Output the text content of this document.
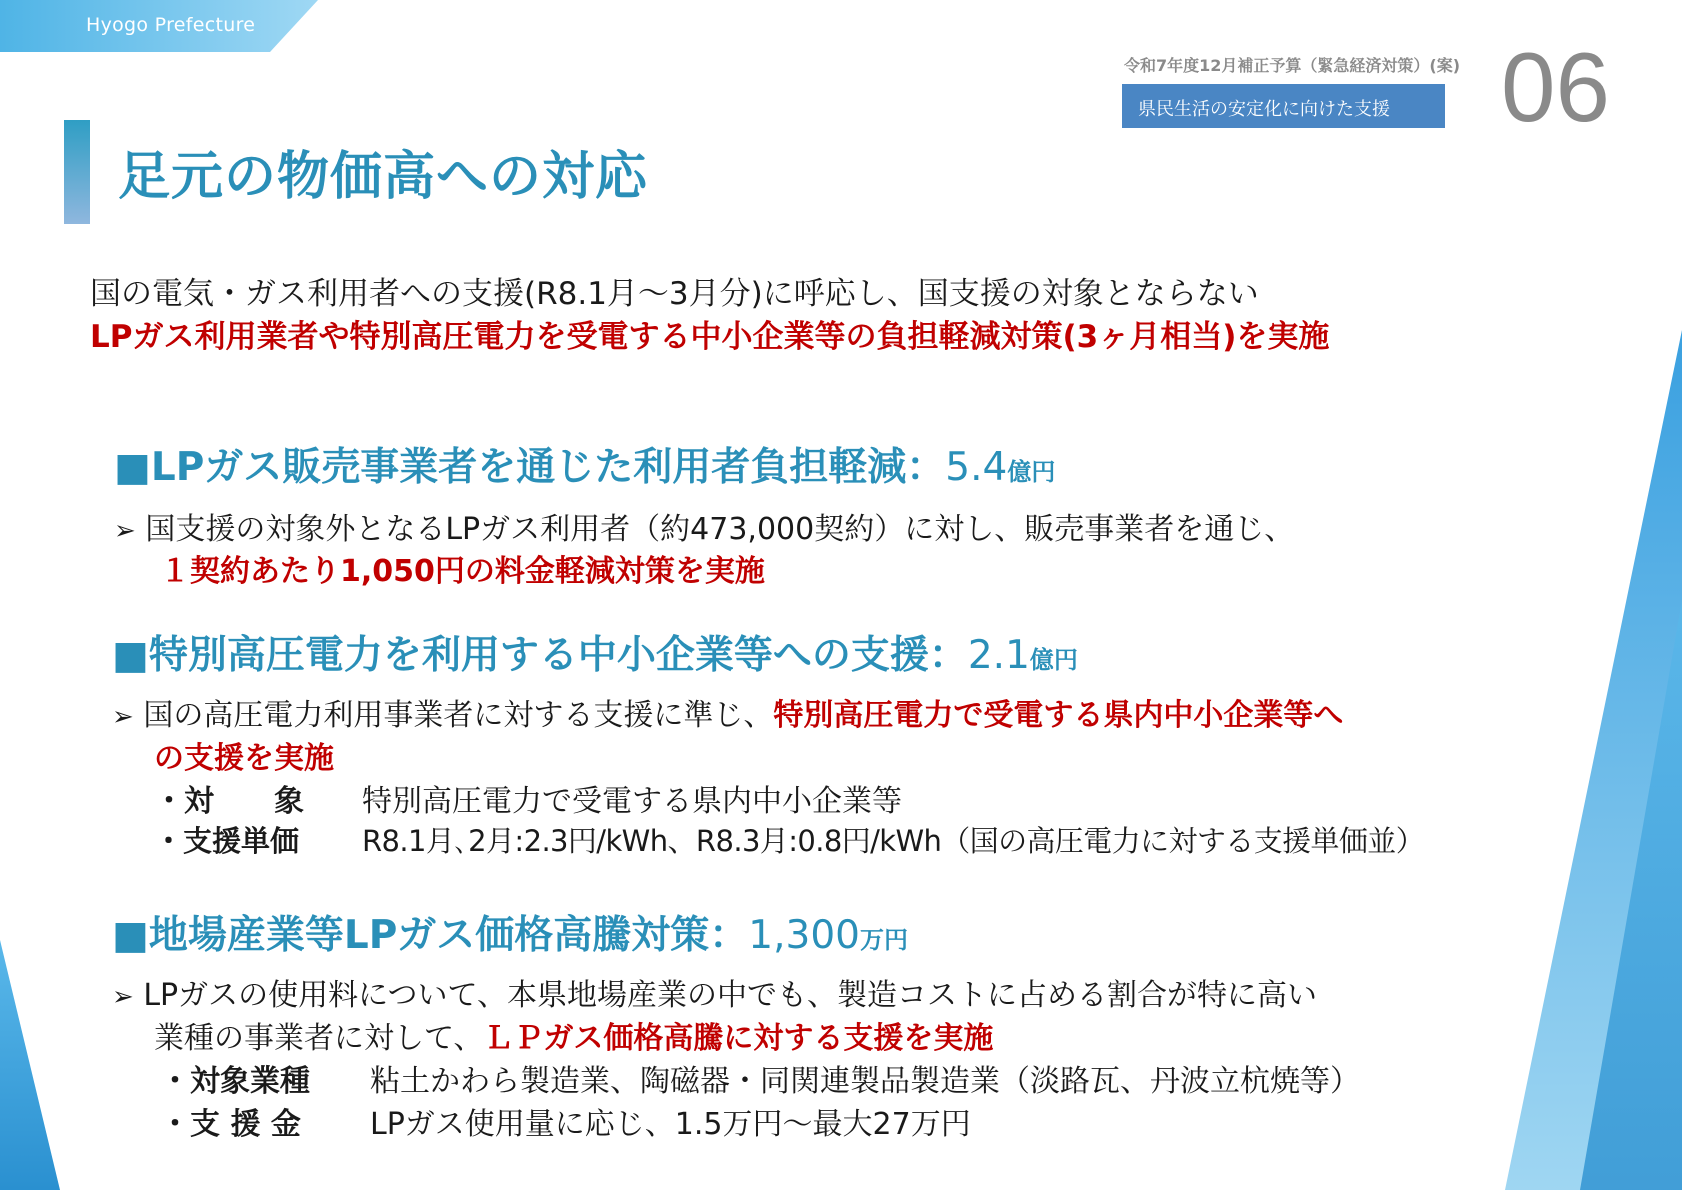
Hyogo Prefecture
令和7年度12月補正予算（緊急経済対策）(案)
県民生活の安定化に向けた支援 06
足元の物価高への対応
国の電気・ガス利用者への支援(R8.1月～3月分)に呼応し、国支援の対象とならない
LPガス利用業者や特別高圧電力を受電する中小企業等の負担軽減対策(3ヶ月相当)を実施
■LPガス販売事業者を通じた利用者負担軽減：5.4億円
➢ 国支援の対象外となるLPガス利用者（約473,000契約）に対し、販売事業者を通じ、
１契約あたり1,050円の料金軽減対策を実施
■特別高圧電力を利用する中小企業等への支援：2.1億円
➢ 国の高圧電力利用事業者に対する支援に準じ、特別高圧電力で受電する県内中小企業等へ
の支援を実施
・対　　象 特別高圧電力で受電する県内中小企業等
・支援単価 R8.1月､2月:2.3円/kWh、R8.3月:0.8円/kWh（国の高圧電力に対する支援単価並）
■地場産業等LPガス価格高騰対策：1,300万円
➢ LPガスの使用料について、本県地場産業の中でも、製造コストに占める割合が特に高い
業種の事業者に対して、ＬＰガス価格高騰に対する支援を実施
・対象業種 粘土かわら製造業、陶磁器・同関連製品製造業（淡路瓦、丹波立杭焼等）
・支 援 金 LPガス使用量に応じ、1.5万円～最大27万円
